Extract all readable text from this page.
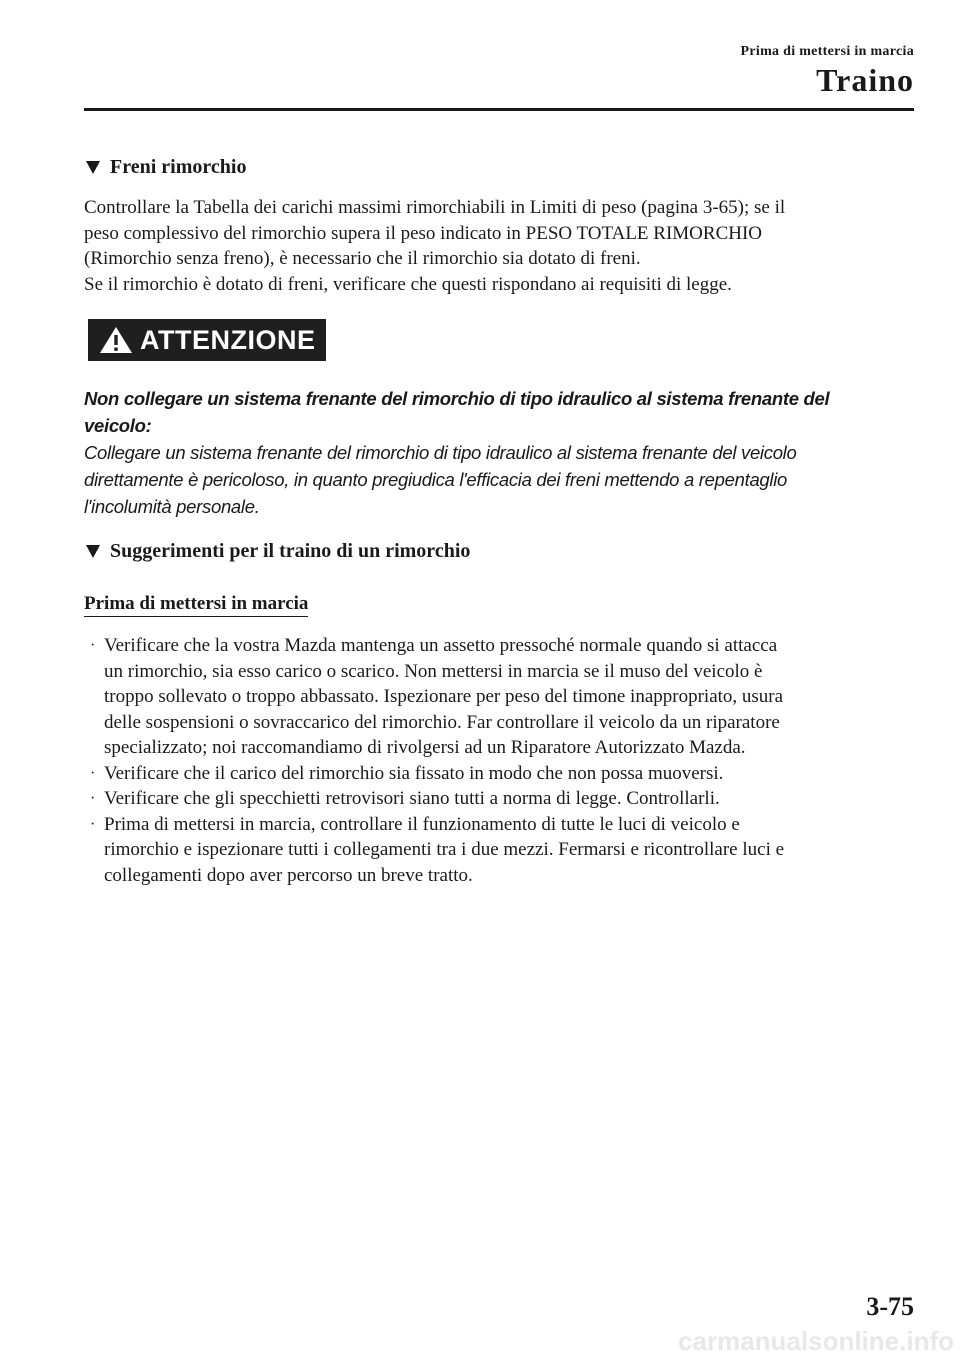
Prima di mettersi in marcia
Traino
Freni rimorchio

Controllare la Tabella dei carichi massimi rimorchiabili in Limiti di peso (pagina 3-65); se il
peso complessivo del rimorchio supera il peso indicato in PESO TOTALE RIMORCHIO
(Rimorchio senza freno), è necessario che il rimorchio sia dotato di freni.
Se il rimorchio è dotato di freni, verificare che questi rispondano ai requisiti di legge.

ATTENZIONE

Non collegare un sistema frenante del rimorchio di tipo idraulico al sistema frenante del
veicolo:

Collegare un sistema frenante del rimorchio di tipo idraulico al sistema frenante del veicolo
direttamente è pericoloso, in quanto pregiudica l'efficacia dei freni mettendo a repentaglio
l'incolumità personale.

Suggerimenti per il traino di un rimorchio
Prima di mettersi in marcia
· Verificare che la vostra Mazda mantenga un assetto pressoché normale quando si attacca
un rimorchio, sia esso carico o scarico. Non mettersi in marcia se il muso del veicolo è
troppo sollevato o troppo abbassato. Ispezionare per peso del timone inappropriato, usura
delle sospensioni o sovraccarico del rimorchio. Far controllare il veicolo da un riparatore
specializzato; noi raccomandiamo di rivolgersi ad un Riparatore Autorizzato Mazda.
· Verificare che il carico del rimorchio sia fissato in modo che non possa muoversi.
· Verificare che gli specchietti retrovisori siano tutti a norma di legge. Controllarli.
· Prima di mettersi in marcia, controllare il funzionamento di tutte le luci di veicolo e
rimorchio e ispezionare tutti i collegamenti tra i due mezzi. Fermarsi e ricontrollare luci e
collegamenti dopo aver percorso un breve tratto.
3-75
carmanualsonline.info
